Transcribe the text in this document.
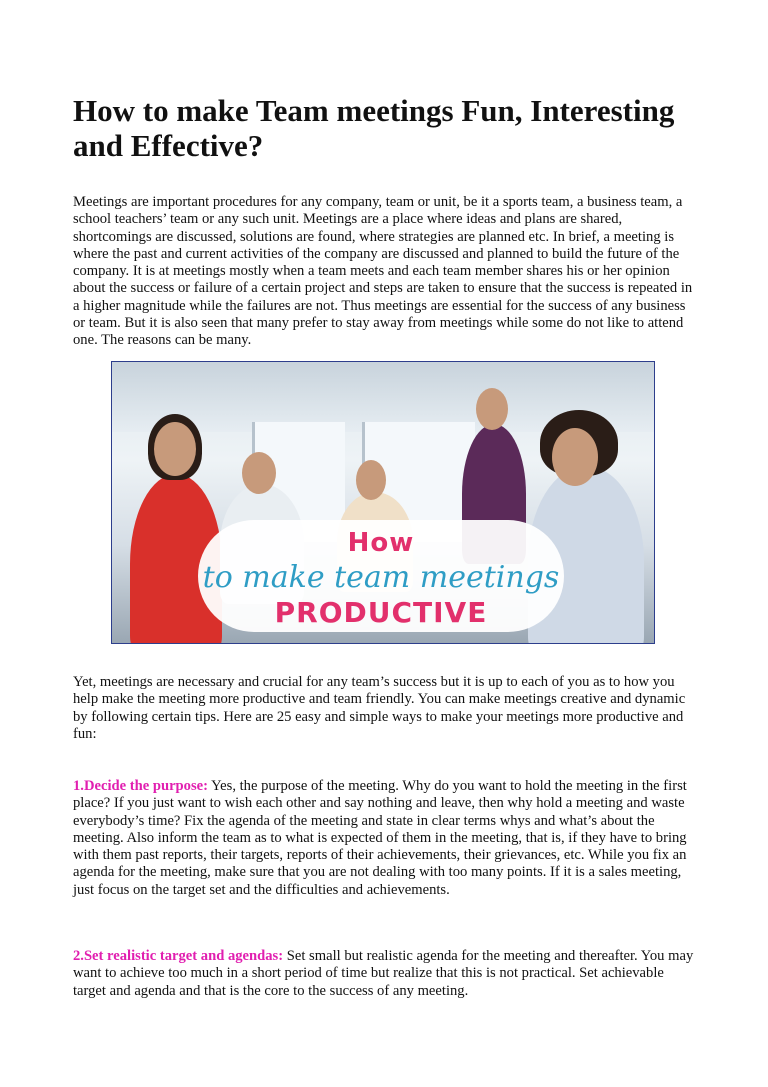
How to make Team meetings Fun, Interesting and Effective?

Meetings are important procedures for any company, team or unit, be it a sports team, a business team, a school teachers’ team or any such unit. Meetings are a place where ideas and plans are shared, shortcomings are discussed, solutions are found, where strategies are planned etc. In brief, a meeting is where the past and current activities of the company are discussed and planned to build the future of the company. It is at meetings mostly when a team meets and each team member shares his or her opinion about the success or failure of a certain project and steps are taken to ensure that the success is repeated in a higher magnitude while the failures are not. Thus meetings are essential for the success of any business or team. But it is also seen that many prefer to stay away from meetings while some do not like to attend one. The reasons can be many.

How
to make team meetings
PRODUCTIVE

Yet, meetings are necessary and crucial for any team’s success but it is up to each of you as to how you help make the meeting more productive and team friendly. You can make meetings creative and dynamic by following certain tips. Here are 25 easy and simple ways to make your meetings more productive and fun:

1.Decide the purpose: Yes, the purpose of the meeting. Why do you want to hold the meeting in the first place? If you just want to wish each other and say nothing and leave, then why hold a meeting and waste everybody’s time? Fix the agenda of the meeting and state in clear terms whys and what’s about the meeting. Also inform the team as to what is expected of them in the meeting, that is, if they have to bring with them past reports, their targets, reports of their achievements, their grievances, etc. While you fix an agenda for the meeting, make sure that you are not dealing with too many points. If it is a sales meeting, just focus on the target set and the difficulties and achievements.

2.Set realistic target and agendas: Set small but realistic agenda for the meeting and thereafter. You may want to achieve too much in a short period of time but realize that this is not practical. Set achievable target and agenda and that is the core to the success of any meeting.
